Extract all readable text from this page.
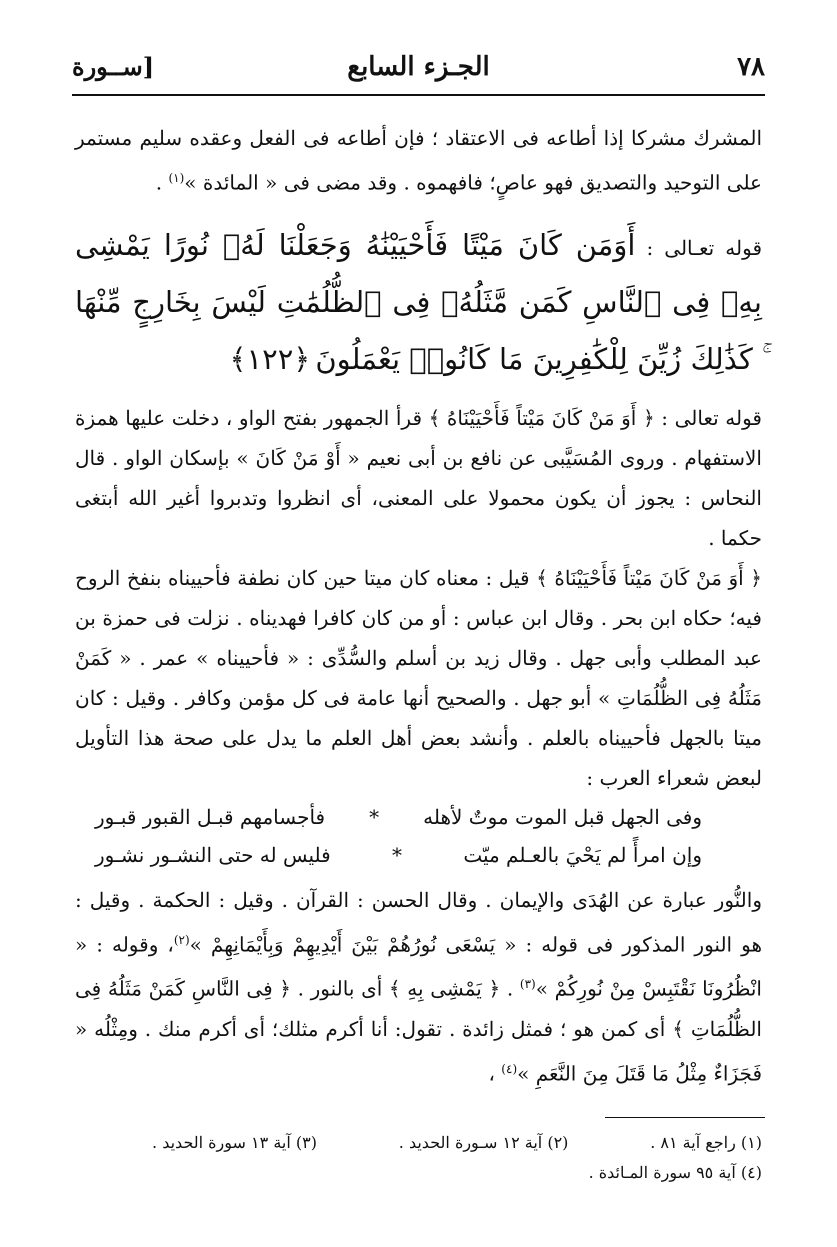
٧٨
الجـزء السابع
[ســورة

المشرك مشركا إذا أطاعه فى الاعتقاد ؛ فإن أطاعه فى الفعل وعقده سليم مستمر على التوحيد والتصديق فهو عاصٍ؛ فافهموه . وقد مضى فى « المائدة »$^{(١)}$ .

قوله تعـالى : أَوَمَن كَانَ مَيْتًا فَأَحْيَيْنَٰهُ وَجَعَلْنَا لَهُۥ نُورًا يَمْشِى بِهِۦ فِى ٱلنَّاسِ كَمَن مَّثَلُهُۥ فِى ٱلظُّلُمَٰتِ لَيْسَ بِخَارِجٍ مِّنْهَا ۚ كَذَٰلِكَ زُيِّنَ لِلْكَٰفِرِينَ مَا كَانُوا۟ يَعْمَلُونَ ﴿١٢٢﴾

قوله تعالى : ﴿ أَوَ مَنْ كَانَ مَيْتاً فَأَحْيَيْنَاهُ ﴾ قرأ الجمهور بفتح الواو ، دخلت عليها همزة الاستفهام . وروى المُسَيَّبى عن نافع بن أبى نعيم « أَوْ مَنْ كَانَ » بإسكان الواو . قال النحاس : يجوز أن يكون محمولا على المعنى، أى انظروا وتدبروا أغير الله أبتغى حكما .

﴿ أَوَ مَنْ كَانَ مَيْتاً فَأَحْيَيْنَاهُ ﴾ قيل : معناه كان ميتا حين كان نطفة فأحييناه بنفخ الروح فيه؛ حكاه ابن بحر . وقال ابن عباس : أو من كان كافرا فهديناه . نزلت فى حمزة بن عبد المطلب وأبى جهل . وقال زيد بن أسلم والسُّدِّى : « فأحييناه » عمر . « كَمَنْ مَثَلُهُ فِى الظُّلُمَاتِ » أبو جهل . والصحيح أنها عامة فى كل مؤمن وكافر . وقيل : كان ميتا بالجهل فأحييناه بالعلم . وأنشد بعض أهل العلم ما يدل على صحة هذا التأويل لبعض شعراء العرب :

وفى الجهل قبل الموت موتٌ لأهله
*
فأجسامهم قبـل القبور قبـور
وإن امرأً لم يَحْيَ بالعـلم ميّت
*
فليس له حتى النشـور نشـور

والنُّور عبارة عن الهُدَى والإيمان . وقال الحسن : القرآن . وقيل : الحكمة . وقيل : هو النور المذكور فى قوله : « يَسْعَى نُورُهُمْ بَيْنَ أَيْدِيهِمْ وَبِأَيْمَانِهِمْ »$^{(٢)}$، وقوله : « انْظُرُونَا نَقْتَبِسْ مِنْ نُورِكُمْ »$^{(٣)}$ . ﴿ يَمْشِى بِهِ ﴾ أى بالنور . ﴿ فِى النَّاسِ كَمَنْ مَثَلُهُ فِى الظُّلُمَاتِ ﴾ أى كمن هو ؛ فمثل زائدة . تقول: أنا أكرم مثلك؛ أى أكرم منك . ومِثْلُه « فَجَزَاءٌ مِثْلُ مَا قَتَلَ مِنَ النَّعَمِ »$^{(٤)}$ ،

(١) راجع آية ٨١ .
(٢) آية ١٢ سـورة الحديد .
(٣) آية ١٣ سورة الحديد .
(٤) آية ٩٥ سورة المـائدة .
